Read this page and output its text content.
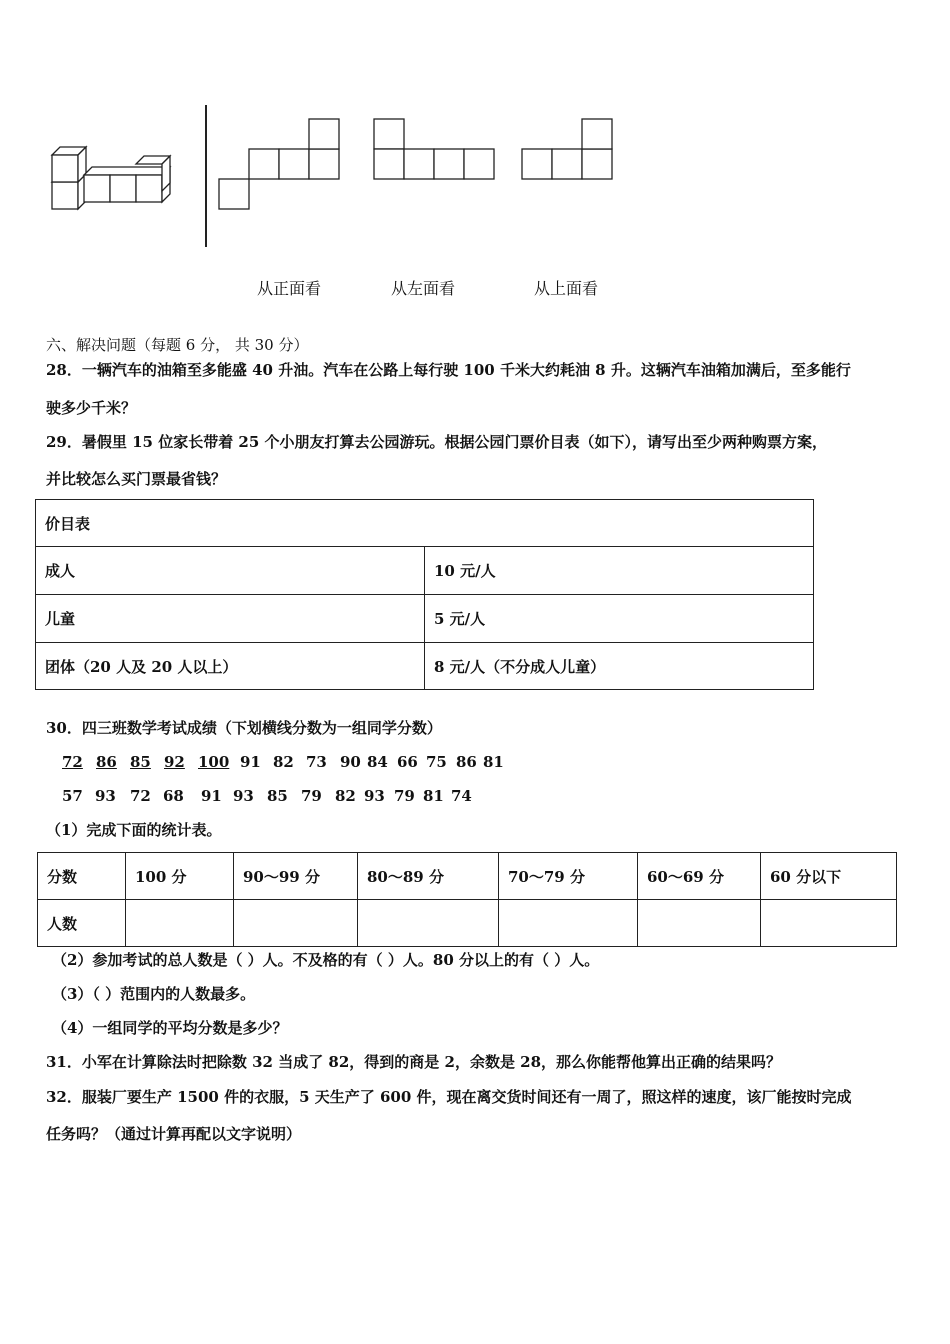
从正面看	从左面看	从上面看
六、解决问题（每题 6 分， 共 30 分）
28．一辆汽车的油箱至多能盛 40 升油。汽车在公路上每行驶 100 千米大约耗油 8 升。这辆汽车油箱加满后，至多能行
驶多少千米？
29．暑假里 15 位家长带着 25 个小朋友打算去公园游玩。根据公园门票价目表（如下），请写出至少两种购票方案，
并比较怎么买门票最省钱？
价目表	
成人	10 元/人
儿童	5 元/人
团体（20 人及 20 人以上）	8 元/人（不分成人儿童）
30．四三班数学考试成绩（下划横线分数为一组同学分数）
72 86 85 92 100 91 82 73 90 84 66 75 86 81
57 93 72 68 91 93 85 79 82 93 79 81 74
（1）完成下面的统计表。
分数	100 分	90～99 分	80～89 分	70～79 分	60～69 分	60 分以下
人数						
（2）参加考试的总人数是（ ）人。不及格的有（ ）人。80 分以上的有（ ）人。
（3）（ ）范围内的人数最多。
（4）一组同学的平均分数是多少？
31．小军在计算除法时把除数 32 当成了 82，得到的商是 2，余数是 28，那么你能帮他算出正确的结果吗？
32．服装厂要生产 1500 件的衣服，5 天生产了 600 件，现在离交货时间还有一周了，照这样的速度，该厂能按时完成
任务吗？（通过计算再配以文字说明）
